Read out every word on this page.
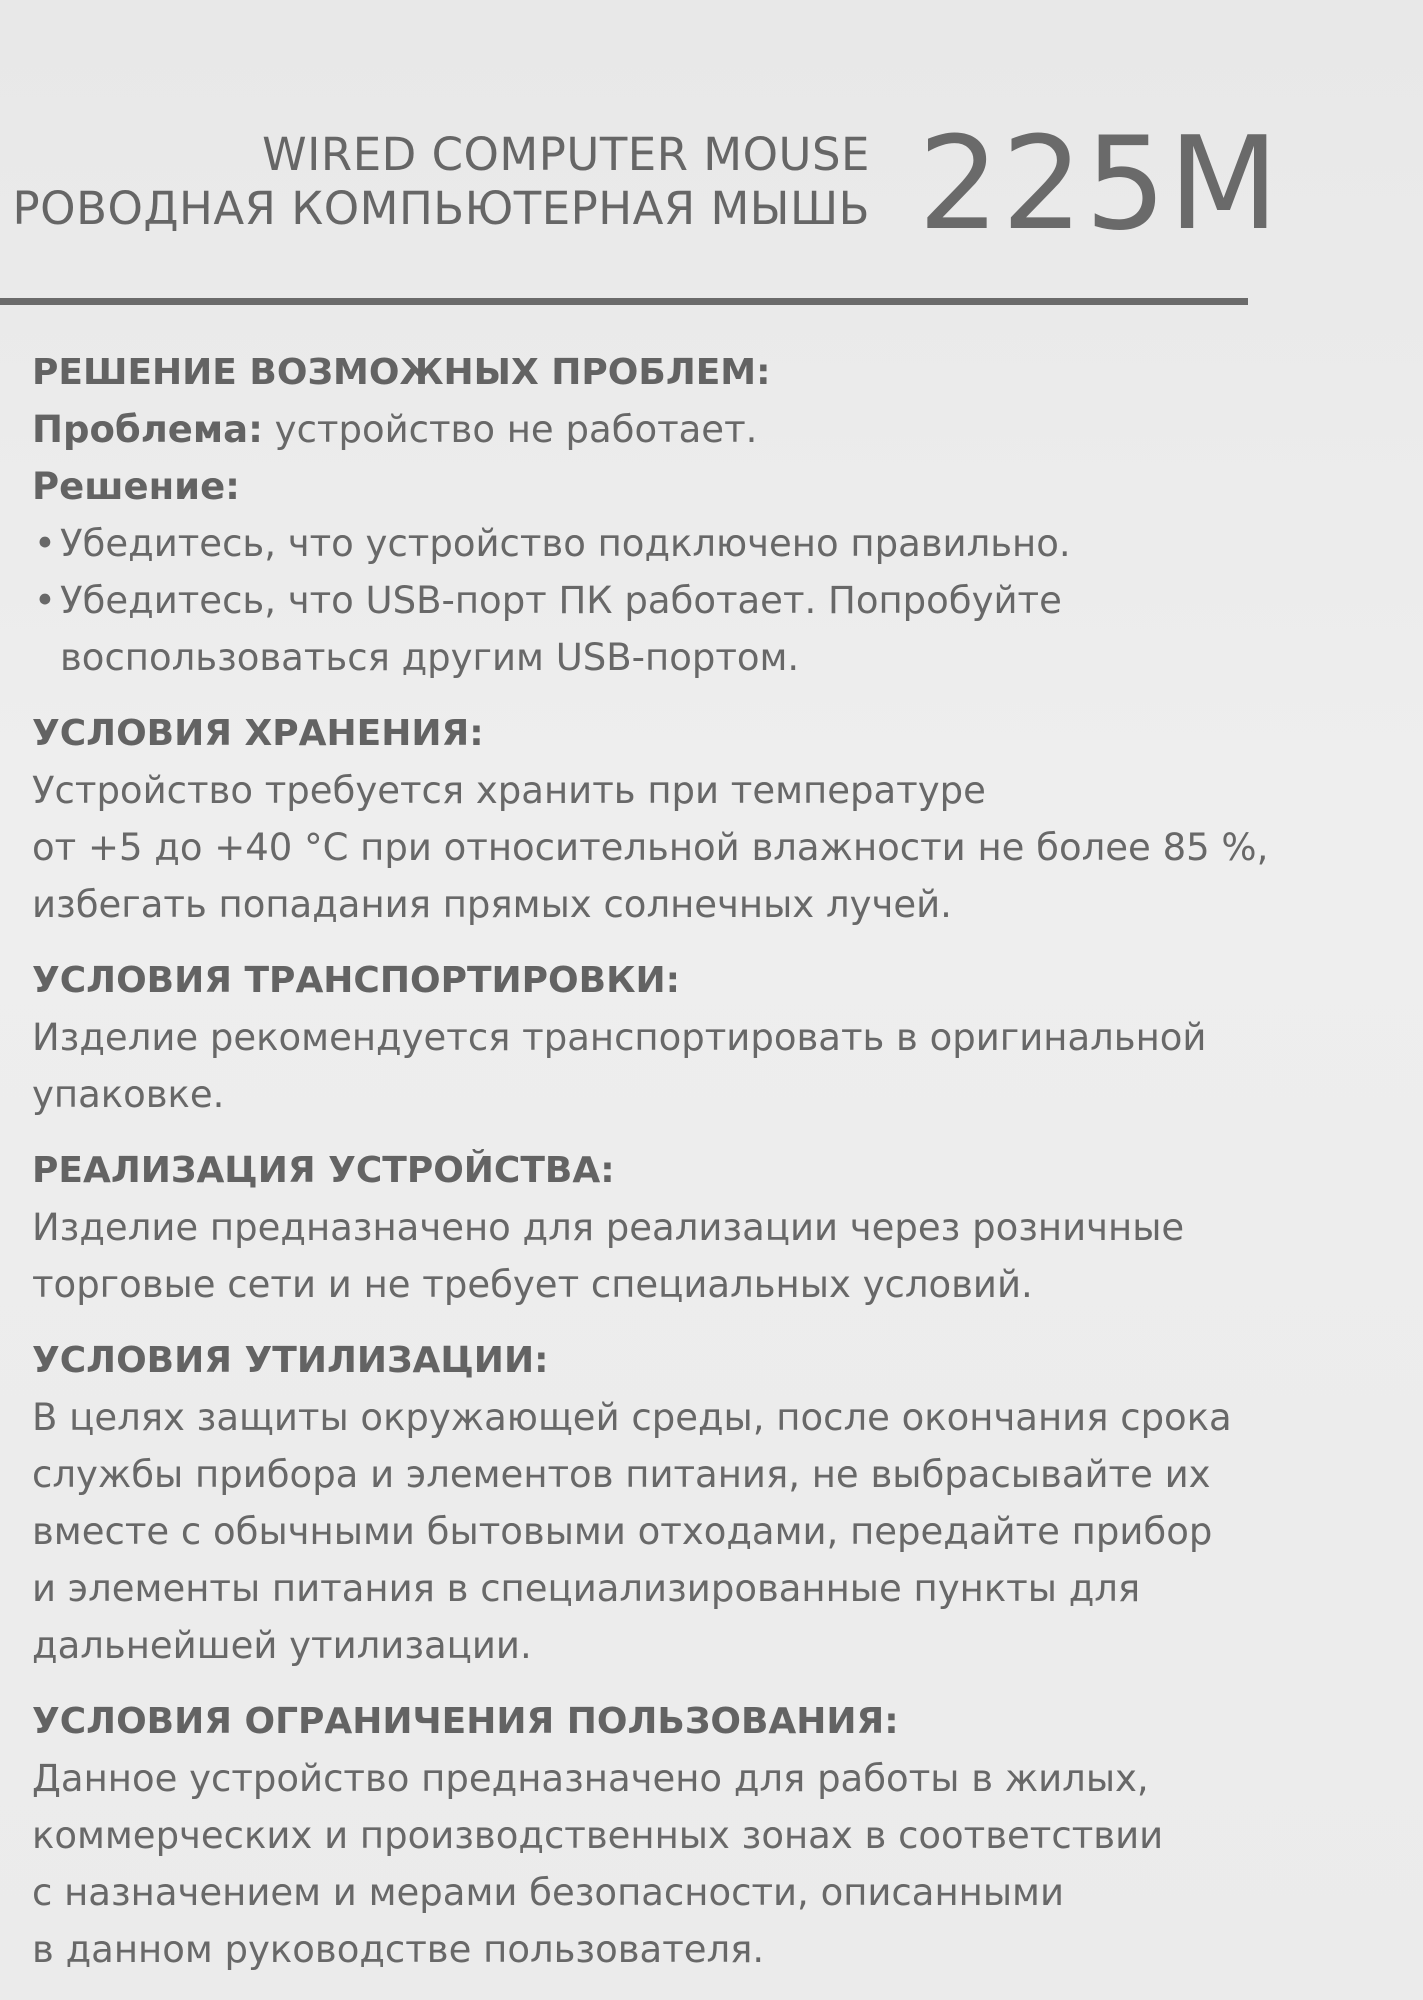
WIRED COMPUTER MOUSE
РОВОДНАЯ КОМПЬЮТЕРНАЯ МЫШЬ 225M
РЕШЕНИЕ ВОЗМОЖНЫХ ПРОБЛЕМ:

Проблема: устройство не работает.

Решение:

• Убедитесь, что устройство подключено правильно.
• Убедитесь, что USB-порт ПК работает. Попробуйте
воспользоваться другим USB-портом.
УСЛОВИЯ ХРАНЕНИЯ:

Устройство требуется хранить при температуре
от +5 до +40 °C при относительной влажности не более 85 %,
избегать попадания прямых солнечных лучей.

УСЛОВИЯ ТРАНСПОРТИРОВКИ:

Изделие рекомендуется транспортировать в оригинальной
упаковке.

РЕАЛИЗАЦИЯ УСТРОЙСТВА:

Изделие предназначено для реализации через розничные
торговые сети и не требует специальных условий.

УСЛОВИЯ УТИЛИЗАЦИИ:

В целях защиты окружающей среды, после окончания срока
службы прибора и элементов питания, не выбрасывайте их
вместе с обычными бытовыми отходами, передайте прибор
и элементы питания в специализированные пункты для
дальнейшей утилизации.

УСЛОВИЯ ОГРАНИЧЕНИЯ ПОЛЬЗОВАНИЯ:

Данное устройство предназначено для работы в жилых,
коммерческих и производственных зонах в соответствии
с назначением и мерами безопасности, описанными
в данном руководстве пользователя.
